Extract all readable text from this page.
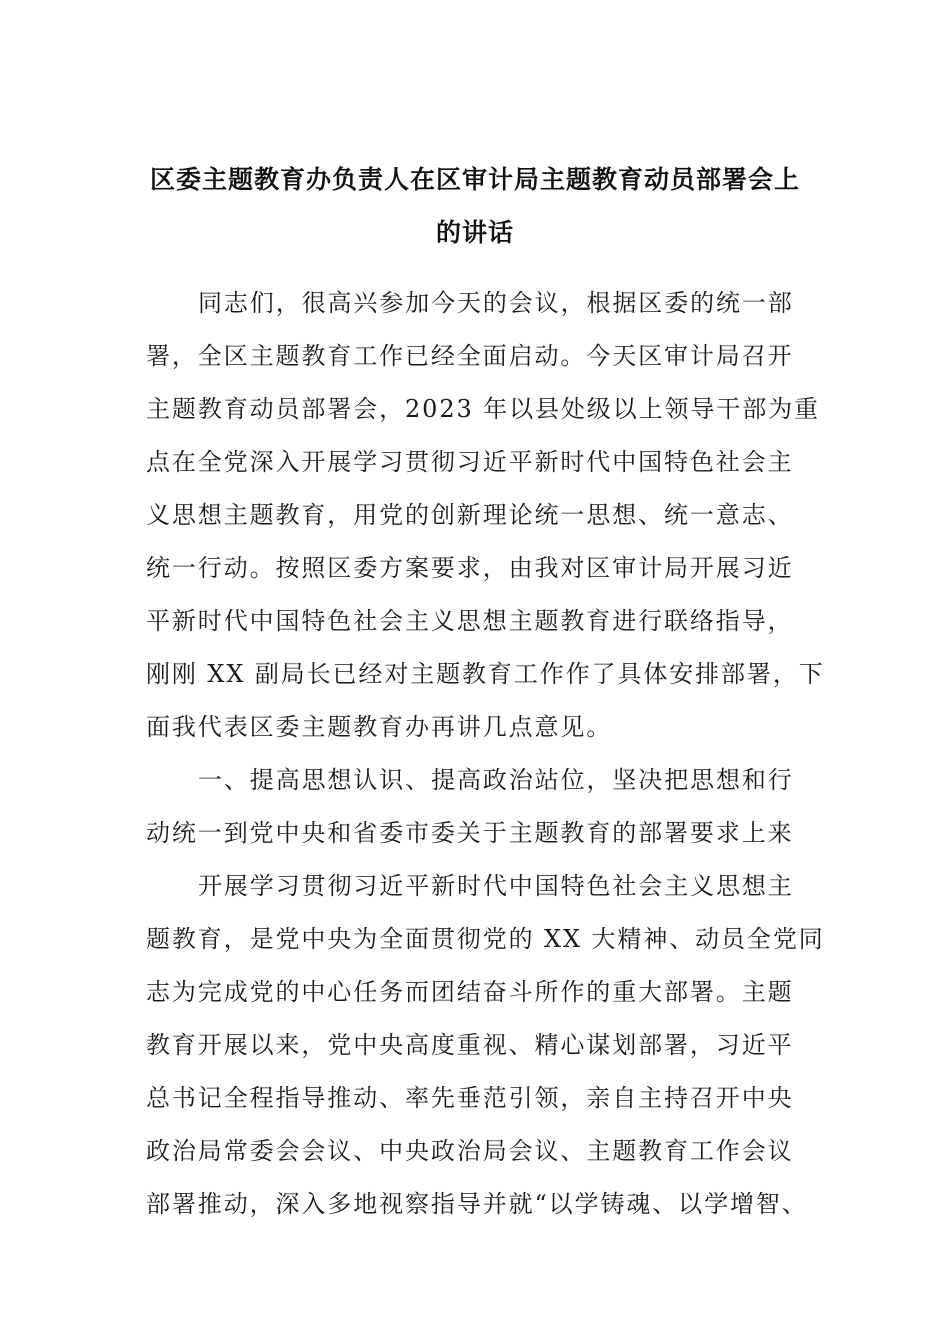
区委主题教育办负责人在区审计局主题教育动员部署会上
的讲话
同志们，很高兴参加今天的会议，根据区委的统一部
署，全区主题教育工作已经全面启动。今天区审计局召开
主题教育动员部署会，2023 年以县处级以上领导干部为重
点在全党深入开展学习贯彻习近平新时代中国特色社会主
义思想主题教育，用党的创新理论统一思想、统一意志、
统一行动。按照区委方案要求，由我对区审计局开展习近
平新时代中国特色社会主义思想主题教育进行联络指导，
刚刚 XX 副局长已经对主题教育工作作了具体安排部署，下
面我代表区委主题教育办再讲几点意见。
一、提高思想认识、提高政治站位，坚决把思想和行
动统一到党中央和省委市委关于主题教育的部署要求上来
开展学习贯彻习近平新时代中国特色社会主义思想主
题教育，是党中央为全面贯彻党的 XX 大精神、动员全党同
志为完成党的中心任务而团结奋斗所作的重大部署。主题
教育开展以来，党中央高度重视、精心谋划部署，习近平
总书记全程指导推动、率先垂范引领，亲自主持召开中央
政治局常委会会议、中央政治局会议、主题教育工作会议
部署推动，深入多地视察指导并就“以学铸魂、以学增智、
